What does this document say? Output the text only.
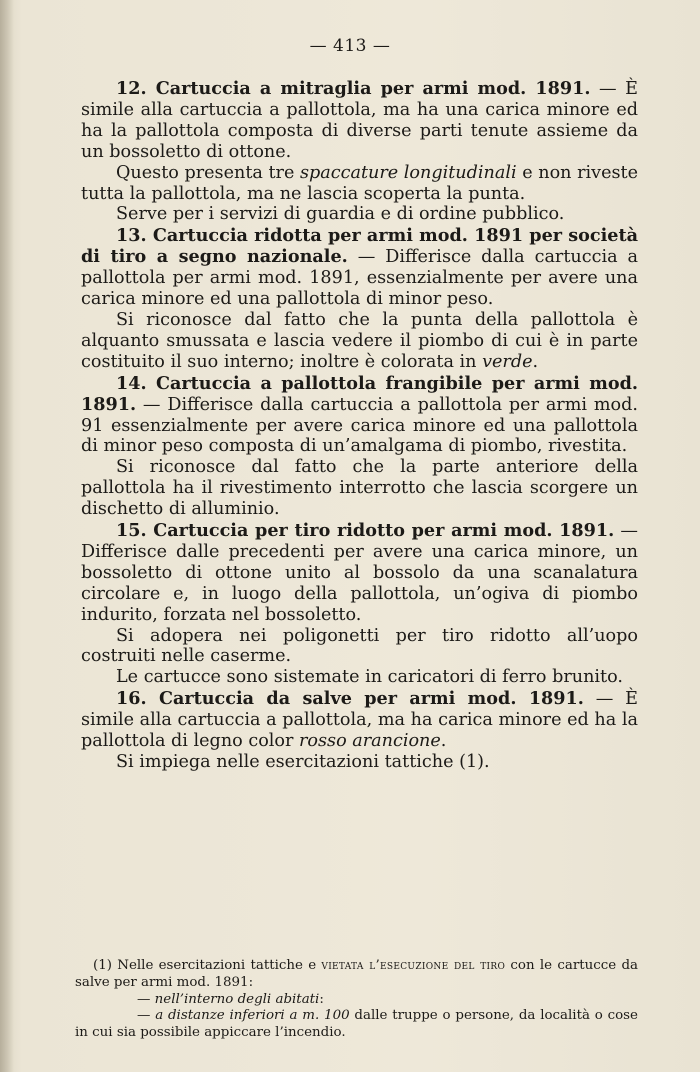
— 413 —

12. Cartuccia a mitraglia per armi mod. 1891. — È simile alla cartuccia a pallottola, ma ha una carica minore ed ha la pallottola composta di diverse parti tenute assieme da un bossoletto di ottone.

Questo presenta tre spaccature longitudinali e non riveste tutta la pallottola, ma ne lascia scoperta la punta.

Serve per i servizi di guardia e di ordine pubblico.

13. Cartuccia ridotta per armi mod. 1891 per società di tiro a segno nazionale. — Differisce dalla cartuccia a pallottola per armi mod. 1891, essenzialmente per avere una carica minore ed una pallottola di minor peso.

Si riconosce dal fatto che la punta della pallottola è alquanto smussata e lascia vedere il piombo di cui è in parte costituito il suo interno; inoltre è colorata in verde.

14. Cartuccia a pallottola frangibile per armi mod. 1891. — Differisce dalla cartuccia a pallottola per armi mod. 91 essenzialmente per avere carica minore ed una pallottola di minor peso composta di un’amalgama di piombo, rivestita.

Si riconosce dal fatto che la parte anteriore della pallottola ha il rivestimento interrotto che lascia scorgere un dischetto di alluminio.

15. Cartuccia per tiro ridotto per armi mod. 1891. — Differisce dalle precedenti per avere una carica minore, un bossoletto di ottone unito al bossolo da una scanalatura circolare e, in luogo della pallottola, un’ogiva di piombo indurito, forzata nel bossoletto.

Si adopera nei poligonetti per tiro ridotto all’uopo costruiti nelle caserme.

Le cartucce sono sistemate in caricatori di ferro brunito.

16. Cartuccia da salve per armi mod. 1891. — È simile alla cartuccia a pallottola, ma ha carica minore ed ha la pallottola di legno color rosso arancione.

Si impiega nelle esercitazioni tattiche (1).

(1) Nelle esercitazioni tattiche e vietata l’esecuzione del tiro con le cartucce da salve per armi mod. 1891:

— nell’interno degli abitati:

— a distanze inferiori a m. 100 dalle truppe o persone, da località o cose in cui sia possibile appiccare l’incendio.
